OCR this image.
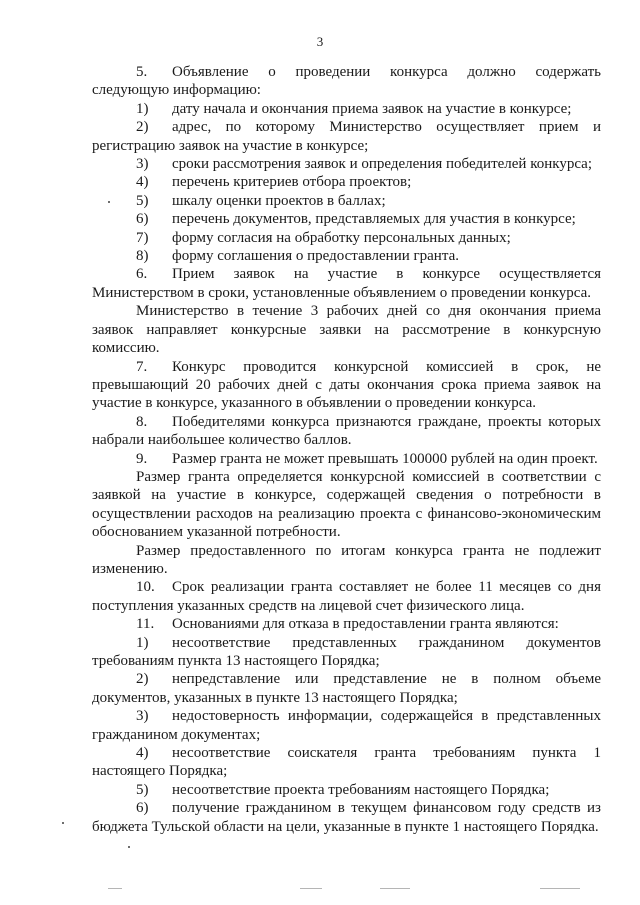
3

5. Объявление о проведении конкурса должно содержать следующую информацию:

1) дату начала и окончания приема заявок на участие в конкурсе;

2) адрес, по которому Министерство осуществляет прием и регистрацию заявок на участие в конкурсе;

3) сроки рассмотрения заявок и определения победителей конкурса;

4) перечень критериев отбора проектов;

5) шкалу оценки проектов в баллах;

6) перечень документов, представляемых для участия в конкурсе;

7) форму согласия на обработку персональных данных;

8) форму соглашения о предоставлении гранта.

6. Прием заявок на участие в конкурсе осуществляется Министерством в сроки, установленные объявлением о проведении конкурса.

Министерство в течение 3 рабочих дней со дня окончания приема заявок направляет конкурсные заявки на рассмотрение в конкурсную комиссию.

7. Конкурс проводится конкурсной комиссией в срок, не превышающий 20 рабочих дней с даты окончания срока приема заявок на участие в конкурсе, указанного в объявлении о проведении конкурса.

8. Победителями конкурса признаются граждане, проекты которых набрали наибольшее количество баллов.

9. Размер гранта не может превышать 100000 рублей на один проект.

Размер гранта определяется конкурсной комиссией в соответствии с заявкой на участие в конкурсе, содержащей сведения о потребности в осуществлении расходов на реализацию проекта с финансово-экономическим обоснованием указанной потребности.

Размер предоставленного по итогам конкурса гранта не подлежит изменению.

10. Срок реализации гранта составляет не более 11 месяцев со дня поступления указанных средств на лицевой счет физического лица.

11. Основаниями для отказа в предоставлении гранта являются:

1) несоответствие представленных гражданином документов требованиям пункта 13 настоящего Порядка;

2) непредставление или представление не в полном объеме документов, указанных в пункте 13 настоящего Порядка;

3) недостоверность информации, содержащейся в представленных гражданином документах;

4) несоответствие соискателя гранта требованиям пункта 1 настоящего Порядка;

5) несоответствие проекта требованиям настоящего Порядка;

6) получение гражданином в текущем финансовом году средств из бюджета Тульской области на цели, указанные в пункте 1 настоящего Порядка.
